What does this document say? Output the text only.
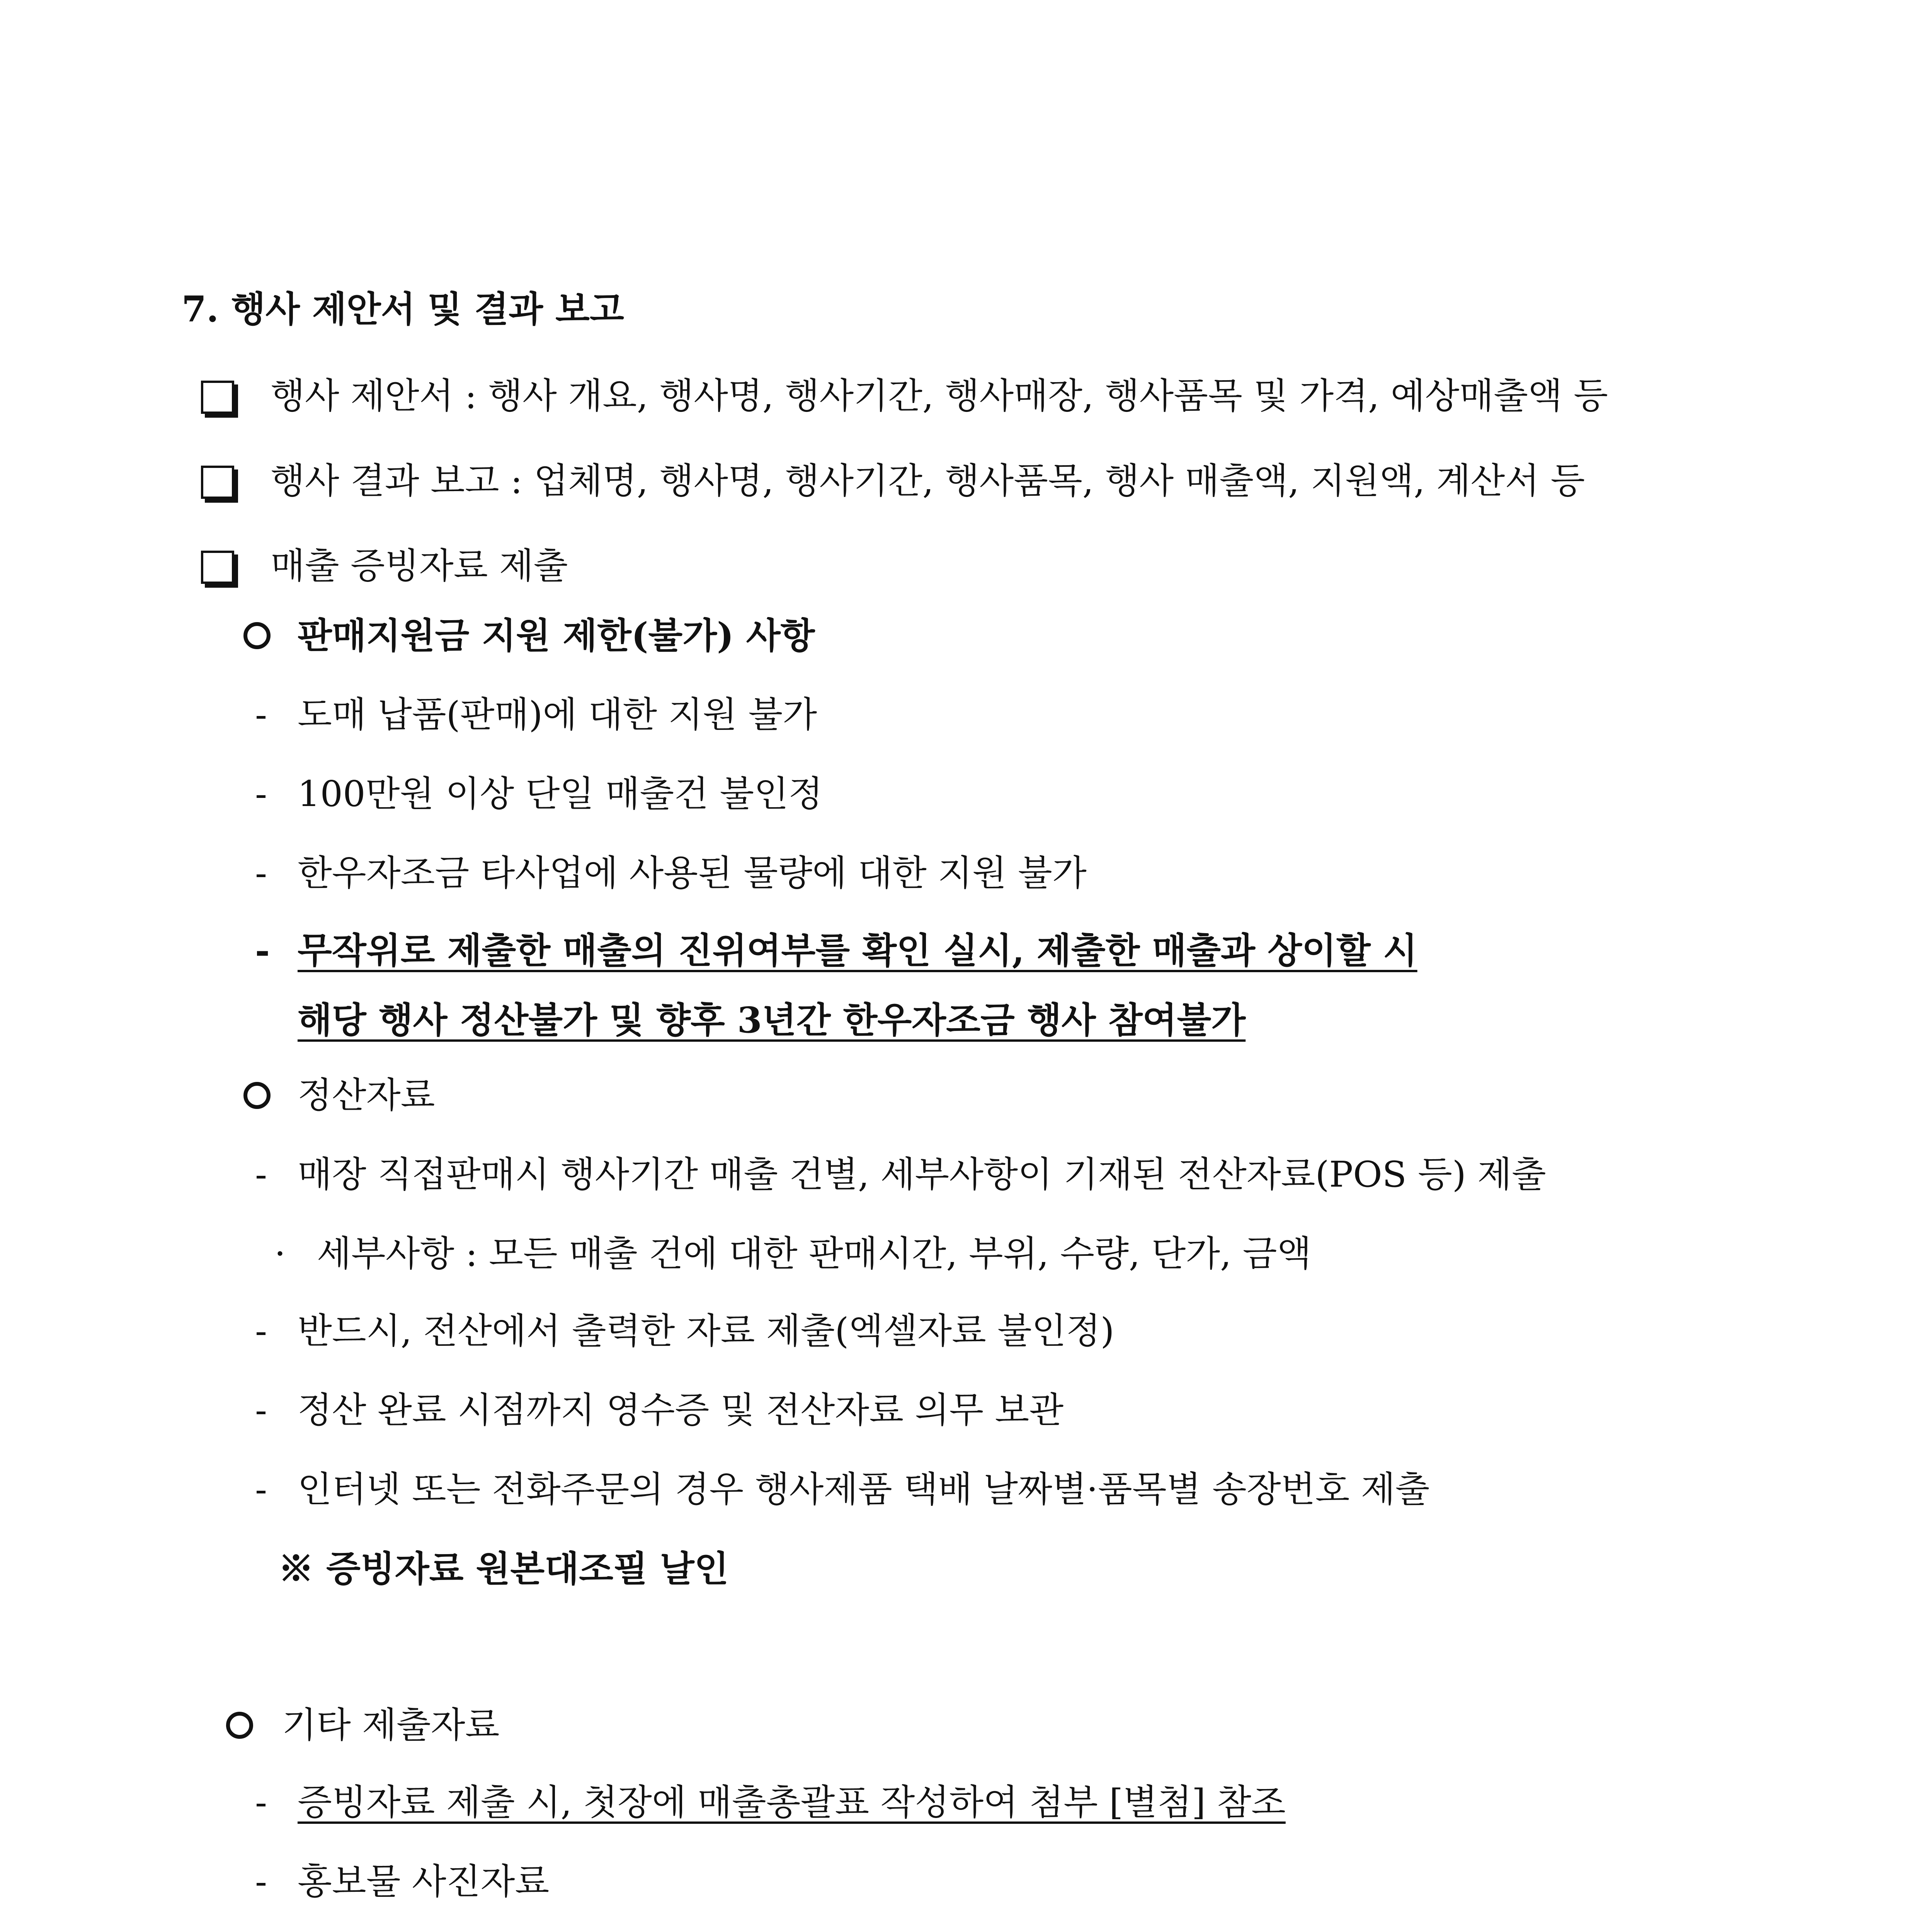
7. 행사 제안서 및 결과 보고
행사 제안서 : 행사 개요, 행사명, 행사기간, 행사매장, 행사품목 및 가격, 예상매출액 등
행사 결과 보고 : 업체명, 행사명, 행사기간, 행사품목, 행사 매출액, 지원액, 계산서 등
매출 증빙자료 제출
판매지원금 지원 제한(불가) 사항
- 도매 납품(판매)에 대한 지원 불가
- 100만원 이상 단일 매출건 불인정
- 한우자조금 타사업에 사용된 물량에 대한 지원 불가
- 무작위로 제출한 매출의 진위여부를 확인 실시, 제출한 매출과 상이할 시
해당 행사 정산불가 및 향후 3년간 한우자조금 행사 참여불가
정산자료
- 매장 직접판매시 행사기간 매출 건별, 세부사항이 기재된 전산자료(POS 등) 제출
· 세부사항 : 모든 매출 건에 대한 판매시간, 부위, 수량, 단가, 금액
- 반드시, 전산에서 출력한 자료 제출(엑셀자료 불인정)
- 정산 완료 시점까지 영수증 및 전산자료 의무 보관
- 인터넷 또는 전화주문의 경우 행사제품 택배 날짜별·품목별 송장번호 제출
※ 증빙자료 원본대조필 날인
기타 제출자료
- 증빙자료 제출 시, 첫장에 매출총괄표 작성하여 첨부 [별첨] 참조
- 홍보물 사진자료
